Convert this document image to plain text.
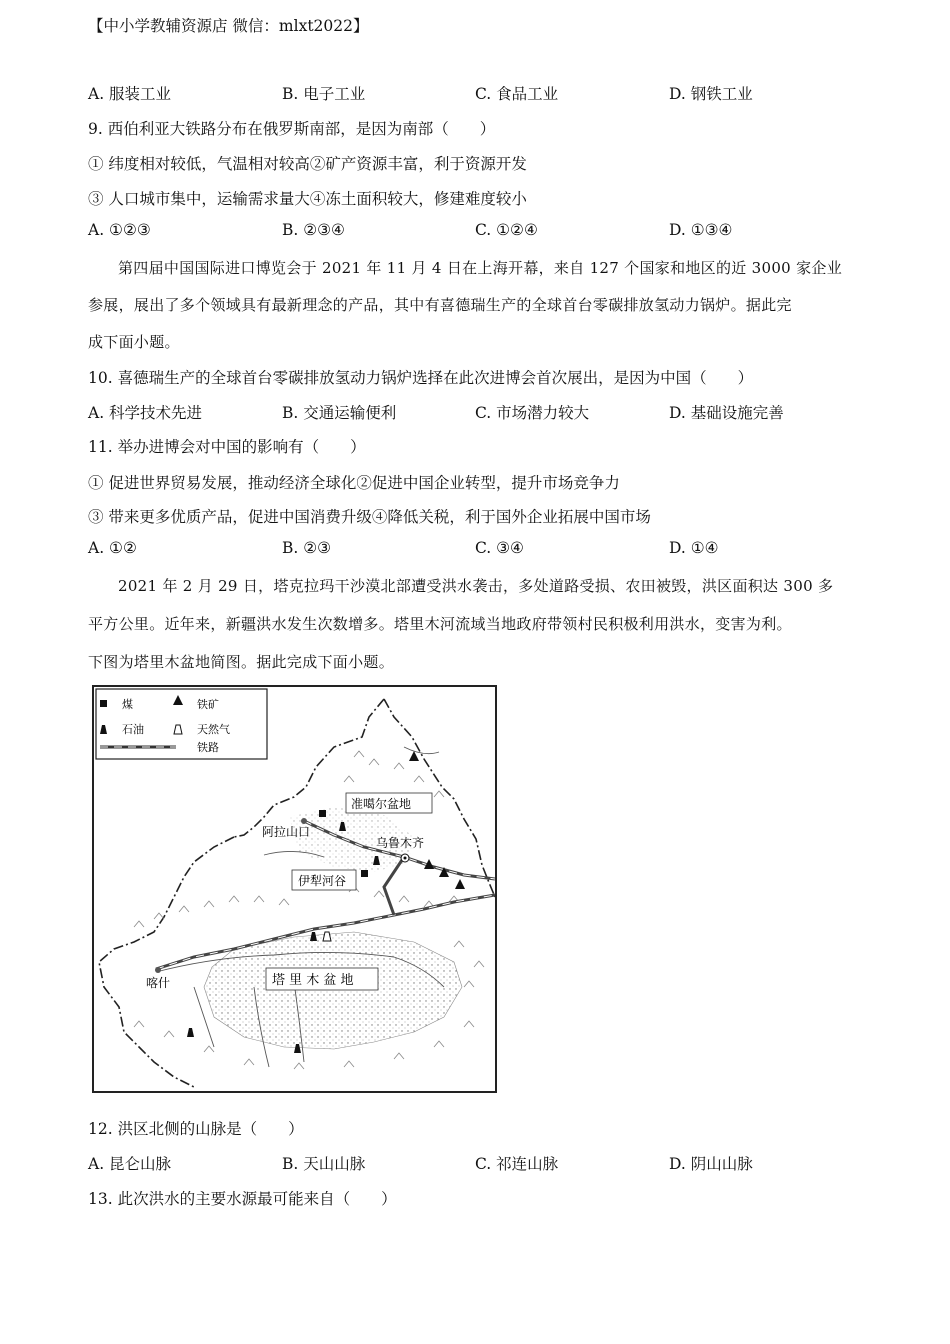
【中小学教辅资源店 微信：mlxt2022】
A. 服装工业	B. 电子工业	C. 食品工业	D. 钢铁工业
9. 西伯利亚大铁路分布在俄罗斯南部，是因为南部（　　）
① 纬度相对较低，气温相对较高②矿产资源丰富，利于资源开发
③ 人口城市集中，运输需求量大④冻土面积较大，修建难度较小
A. ①②③	B. ②③④	C. ①②④	D. ①③④
第四届中国国际进口博览会于 2021 年 11 月 4 日在上海开幕，来自 127 个国家和地区的近 3000 家企业
参展，展出了多个领域具有最新理念的产品，其中有喜德瑞生产的全球首台零碳排放氢动力锅炉。据此完
成下面小题。
10. 喜德瑞生产的全球首台零碳排放氢动力锅炉选择在此次进博会首次展出，是因为中国（　　）
A. 科学技术先进	B. 交通运输便利	C. 市场潜力较大	D. 基础设施完善
11. 举办进博会对中国的影响有（　　）
① 促进世界贸易发展，推动经济全球化②促进中国企业转型，提升市场竞争力
③ 带来更多优质产品，促进中国消费升级④降低关税，利于国外企业拓展中国市场
A. ①②	B. ②③	C. ③④	D. ①④
2021 年 2 月 29 日，塔克拉玛干沙漠北部遭受洪水袭击，多处道路受损、农田被毁，洪区面积达 300 多
平方公里。近年来，新疆洪水发生次数增多。塔里木河流域当地政府带领村民积极利用洪水，变害为利。
下图为塔里木盆地简图。据此完成下面小题。
煤	铁矿
石油	天然气
铁路
准噶尔盆地
阿拉山口
乌鲁木齐
伊犁河谷
喀什	塔 里 木 盆 地
12. 洪区北侧的山脉是（　　）
A. 昆仑山脉	B. 天山山脉	C. 祁连山脉	D. 阴山山脉
13. 此次洪水的主要水源最可能来自（　　）
